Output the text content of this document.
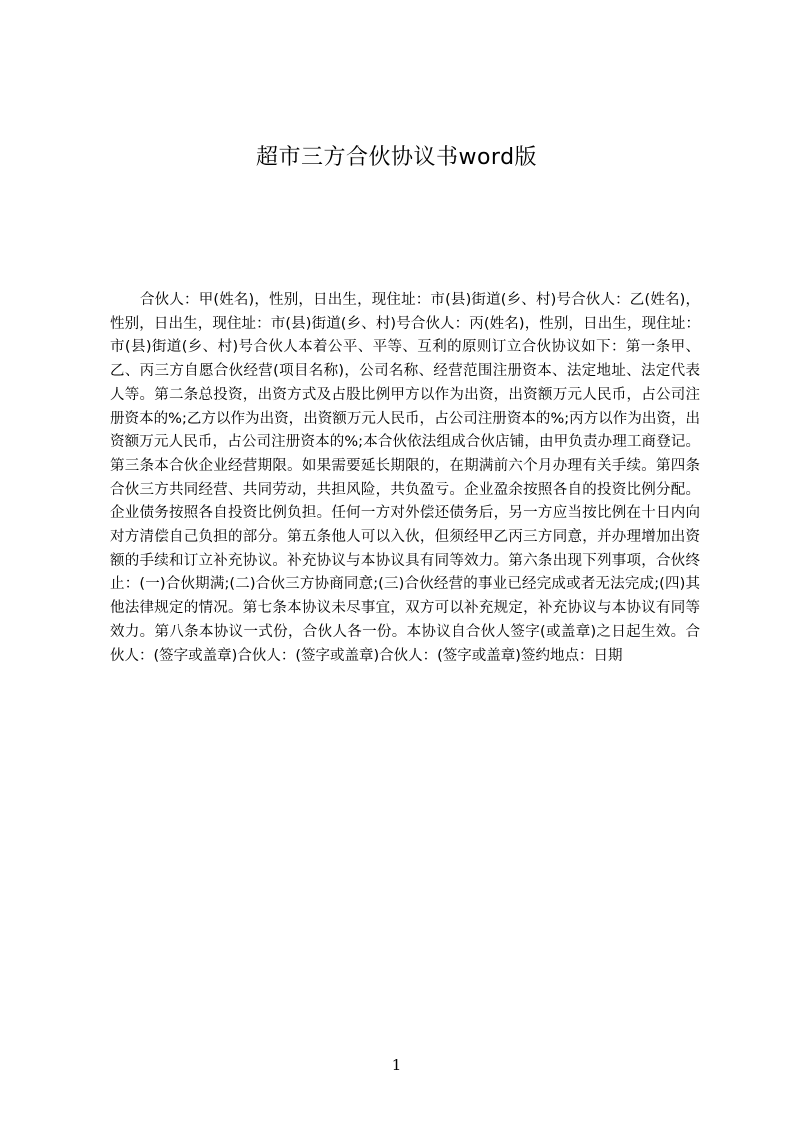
超市三方合伙协议书word版

合伙人：甲(姓名)，性别，日出生，现住址：市(县)街道(乡、村)号合伙人：乙(姓名)，性别，日出生，现住址：市(县)街道(乡、村)号合伙人：丙(姓名)，性别，日出生，现住址：市(县)街道(乡、村)号合伙人本着公平、平等、互利的原则订立合伙协议如下：第一条甲、乙、丙三方自愿合伙经营(项目名称)，公司名称、经营范围注册资本、法定地址、法定代表人等。第二条总投资，出资方式及占股比例甲方以作为出资，出资额万元人民币，占公司注册资本的%;乙方以作为出资，出资额万元人民币，占公司注册资本的%;丙方以作为出资，出资额万元人民币，占公司注册资本的%;本合伙依法组成合伙店铺，由甲负责办理工商登记。第三条本合伙企业经营期限。如果需要延长期限的，在期满前六个月办理有关手续。第四条合伙三方共同经营、共同劳动，共担风险，共负盈亏。企业盈余按照各自的投资比例分配。企业债务按照各自投资比例负担。任何一方对外偿还债务后，另一方应当按比例在十日内向对方清偿自己负担的部分。第五条他人可以入伙，但须经甲乙丙三方同意，并办理增加出资额的手续和订立补充协议。补充协议与本协议具有同等效力。第六条出现下列事项，合伙终止：(一)合伙期满;(二)合伙三方协商同意;(三)合伙经营的事业已经完成或者无法完成;(四)其他法律规定的情况。第七条本协议未尽事宜，双方可以补充规定，补充协议与本协议有同等效力。第八条本协议一式份，合伙人各一份。本协议自合伙人签字(或盖章)之日起生效。合伙人：(签字或盖章)合伙人：(签字或盖章)合伙人：(签字或盖章)签约地点：日期

1
